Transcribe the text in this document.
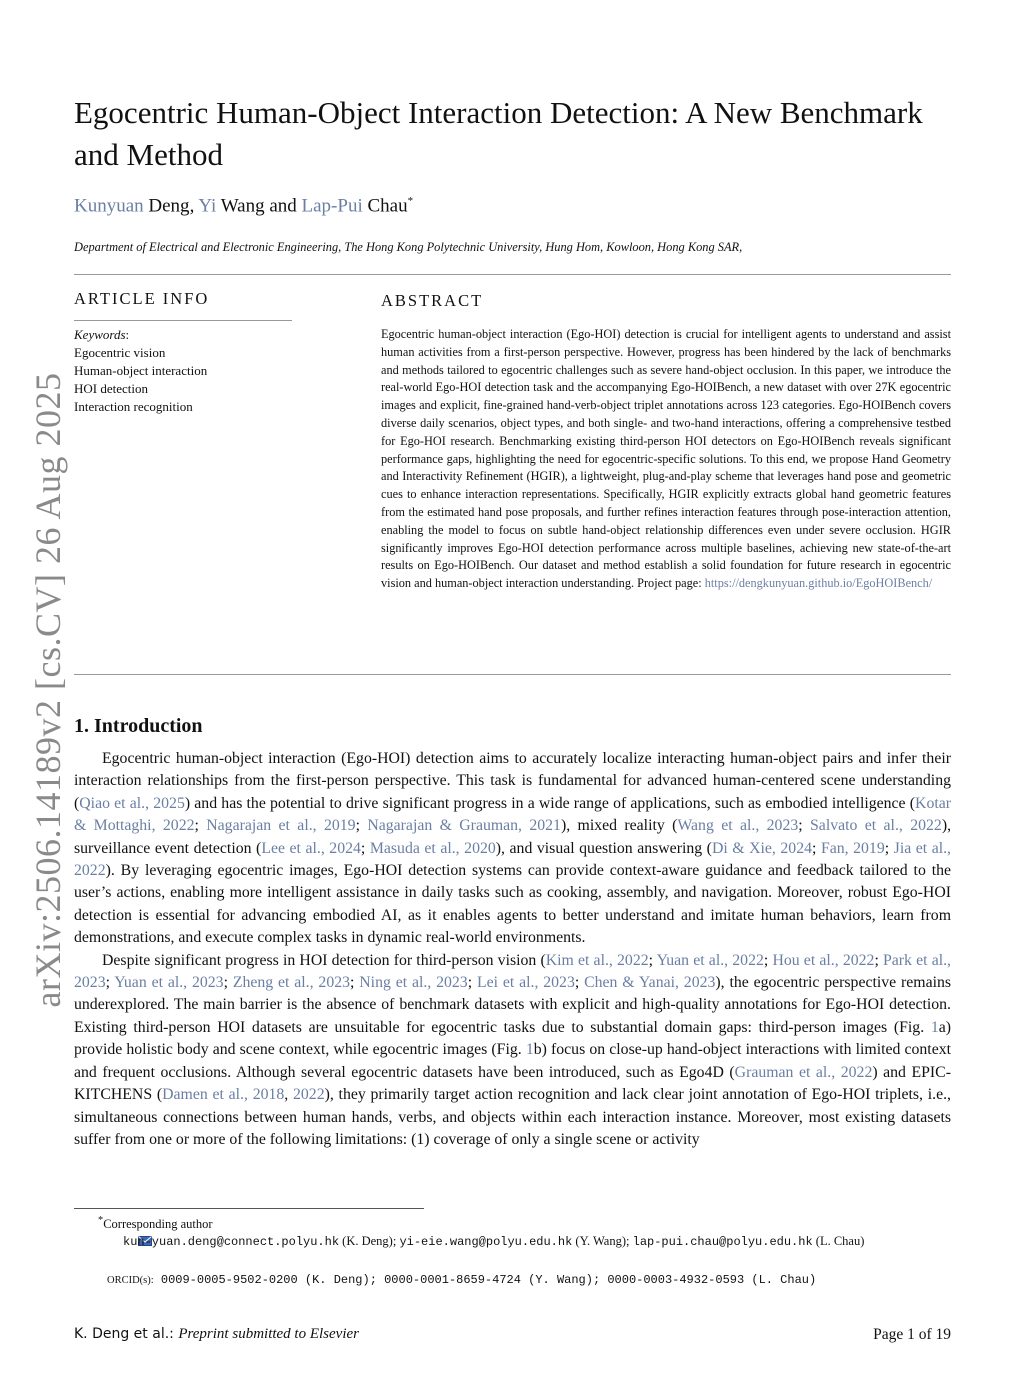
arXiv:2506.14189v2 [cs.CV] 26 Aug 2025
Egocentric Human-Object Interaction Detection: A New Benchmark and Method
Kunyuan Deng, Yi Wang and Lap-Pui Chau*
Department of Electrical and Electronic Engineering, The Hong Kong Polytechnic University, Hung Hom, Kowloon, Hong Kong SAR,
ARTICLE INFO	ABSTRACT
Keywords:
Egocentric vision
Human-object interaction
HOI detection
Interaction recognition
Egocentric human-object interaction (Ego-HOI) detection is crucial for intelligent agents to understand and assist human activities from a first-person perspective. However, progress has been hindered by the lack of benchmarks and methods tailored to egocentric challenges such as severe hand-object occlusion. In this paper, we introduce the real-world Ego-HOI detection task and the accompanying Ego-HOIBench, a new dataset with over 27K egocentric images and explicit, fine-grained hand-verb-object triplet annotations across 123 categories. Ego-HOIBench covers diverse daily scenarios, object types, and both single- and two-hand interactions, offering a comprehensive testbed for Ego-HOI research. Benchmarking existing third-person HOI detectors on Ego-HOIBench reveals significant performance gaps, highlighting the need for egocentric-specific solutions. To this end, we propose Hand Geometry and Interactivity Refinement (HGIR), a lightweight, plug-and-play scheme that leverages hand pose and geometric cues to enhance interaction representations. Specifically, HGIR explicitly extracts global hand geometric features from the estimated hand pose proposals, and further refines interaction features through pose-interaction attention, enabling the model to focus on subtle hand-object relationship differences even under severe occlusion. HGIR significantly improves Ego-HOI detection performance across multiple baselines, achieving new state-of-the-art results on Ego-HOIBench. Our dataset and method establish a solid foundation for future research in egocentric vision and human-object interaction understanding. Project page: https://dengkunyuan.github.io/EgoHOIBench/
1. Introduction

Egocentric human-object interaction (Ego-HOI) detection aims to accurately localize interacting human-object pairs and infer their interaction relationships from the first-person perspective. This task is fundamental for advanced human-centered scene understanding (Qiao et al., 2025) and has the potential to drive significant progress in a wide range of applications, such as embodied intelligence (Kotar & Mottaghi, 2022; Nagarajan et al., 2019; Nagarajan & Grauman, 2021), mixed reality (Wang et al., 2023; Salvato et al., 2022), surveillance event detection (Lee et al., 2024; Masuda et al., 2020), and visual question answering (Di & Xie, 2024; Fan, 2019; Jia et al., 2022). By leveraging egocentric images, Ego-HOI detection systems can provide context-aware guidance and feedback tailored to the user’s actions, enabling more intelligent assistance in daily tasks such as cooking, assembly, and navigation. Moreover, robust Ego-HOI detection is essential for advancing embodied AI, as it enables agents to better understand and imitate human behaviors, learn from demonstrations, and execute complex tasks in dynamic real-world environments.

Despite significant progress in HOI detection for third-person vision (Kim et al., 2022; Yuan et al., 2022; Hou et al., 2022; Park et al., 2023; Yuan et al., 2023; Zheng et al., 2023; Ning et al., 2023; Lei et al., 2023; Chen & Yanai, 2023), the egocentric perspective remains underexplored. The main barrier is the absence of benchmark datasets with explicit and high-quality annotations for Ego-HOI detection. Existing third-person HOI datasets are unsuitable for egocentric tasks due to substantial domain gaps: third-person images (Fig. 1a) provide holistic body and scene context, while egocentric images (Fig. 1b) focus on close-up hand-object interactions with limited context and frequent occlusions. Although several egocentric datasets have been introduced, such as Ego4D (Grauman et al., 2022) and EPIC-KITCHENS (Damen et al., 2018, 2022), they primarily target action recognition and lack clear joint annotation of Ego-HOI triplets, i.e., simultaneous connections between human hands, verbs, and objects within each interaction instance. Moreover, most existing datasets suffer from one or more of the following limitations: (1) coverage of only a single scene or activity

*Corresponding author
kun-yuan.deng@connect.polyu.hk (K. Deng); yi-eie.wang@polyu.edu.hk (Y. Wang); lap-pui.chau@polyu.edu.hk (L. Chau)
ORCID(s): 0009-0005-9502-0200 (K. Deng); 0000-0001-8659-4724 (Y. Wang); 0000-0003-4932-0593 (L. Chau)
K. Deng et al.: Preprint submitted to Elsevier	Page 1 of 19
